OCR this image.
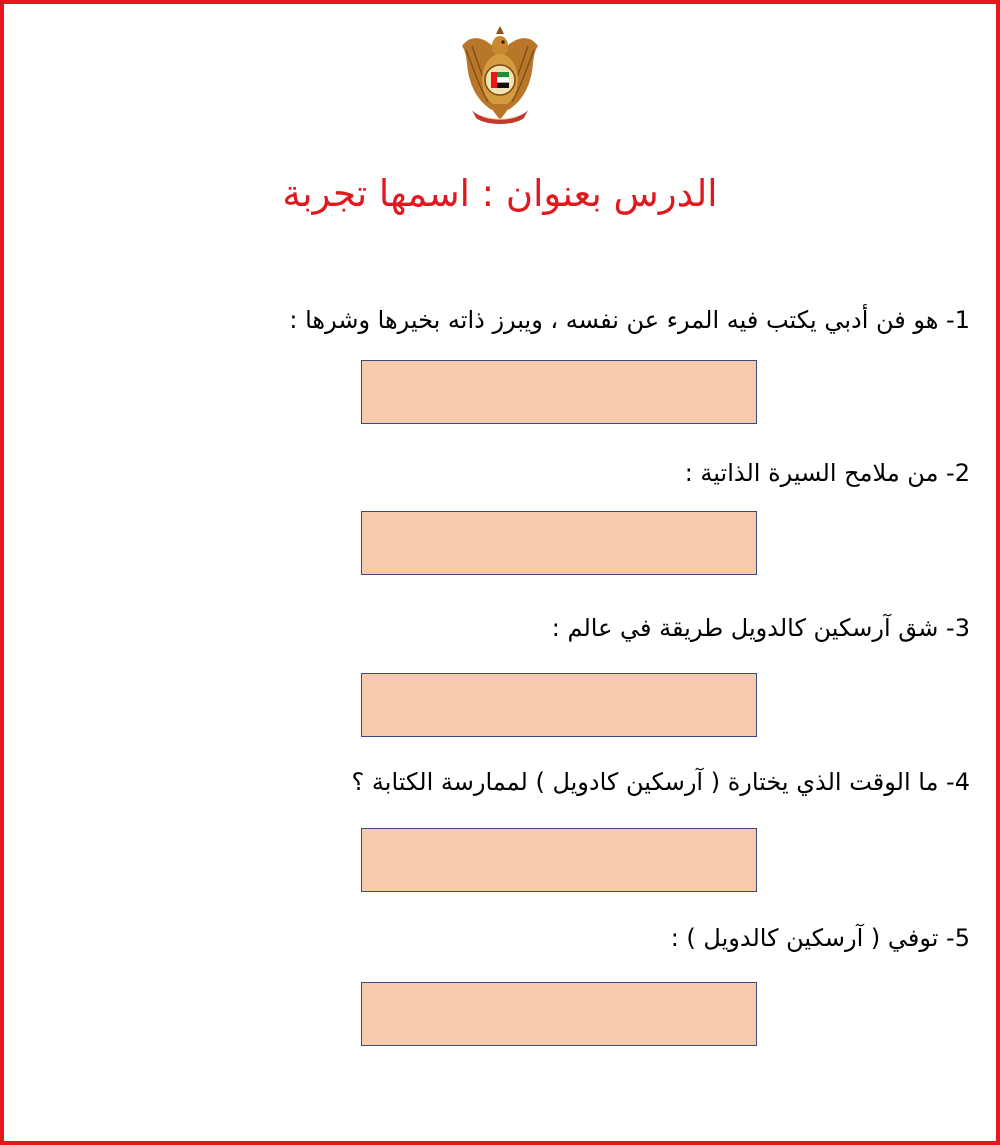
الدرس بعنوان : اسمها تجربة
1- هو فن أدبي يكتب فيه المرء عن نفسه ، ويبرز ذاته بخيرها وشرها :
2- من ملامح السيرة الذاتية :
3- شق آرسكين كالدويل طريقة في عالم :
4- ما الوقت الذي يختارة ( آرسكين كادويل ) لممارسة الكتابة ؟
5- توفي ( آرسكين كالدويل ) :
